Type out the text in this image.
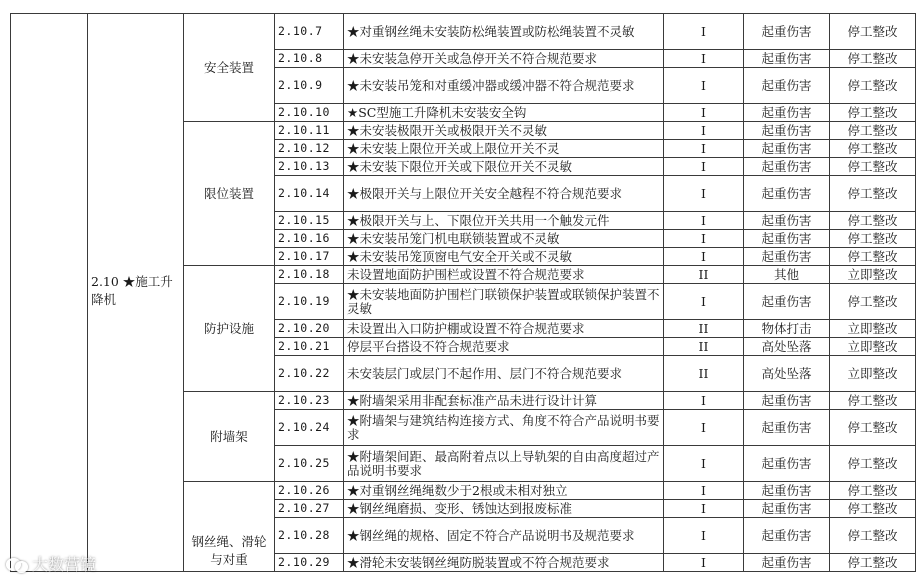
	2.10 ★施工升降机	安全装置	2.10.7	★对重钢丝绳未安装防松绳装置或防松绳装置不灵敏	I	起重伤害	停工整改
			2.10.8	★未安装急停开关或急停开关不符合规范要求	I	起重伤害	停工整改
			2.10.9	★未安装吊笼和对重缓冲器或缓冲器不符合规范要求	I	起重伤害	停工整改
			2.10.10	★SC型施工升降机未安装安全钩	I	起重伤害	停工整改
		限位装置	2.10.11	★未安装极限开关或极限开关不灵敏	I	起重伤害	停工整改
			2.10.12	★未安装上限位开关或上限位开关不灵	I	起重伤害	停工整改
			2.10.13	★未安装下限位开关或下限位开关不灵敏	I	起重伤害	停工整改
			2.10.14	★极限开关与上限位开关安全越程不符合规范要求	I	起重伤害	停工整改
			2.10.15	★极限开关与上、下限位开关共用一个触发元件	I	起重伤害	停工整改
			2.10.16	★未安装吊笼门机电联锁装置或不灵敏	I	起重伤害	停工整改
			2.10.17	★未安装吊笼顶窗电气安全开关或不灵敏	I	起重伤害	停工整改
		防护设施	2.10.18	未设置地面防护围栏或设置不符合规范要求	II	其他	立即整改
			2.10.19	★未安装地面防护围栏门联锁保护装置或联锁保护装置不灵敏	I	起重伤害	停工整改
			2.10.20	未设置出入口防护棚或设置不符合规范要求	II	物体打击	立即整改
			2.10.21	停层平台搭设不符合规范要求	II	高处坠落	立即整改
			2.10.22	未安装层门或层门不起作用、层门不符合规范要求	II	高处坠落	立即整改
		附墙架	2.10.23	★附墙架采用非配套标准产品未进行设计计算	I	起重伤害	停工整改
			2.10.24	★附墙架与建筑结构连接方式、角度不符合产品说明书要求	I	起重伤害	停工整改
			2.10.25	★附墙架间距、最高附着点以上导轨架的自由高度超过产品说明书要求	I	起重伤害	停工整改
		钢丝绳、滑轮与对重	2.10.26	★对重钢丝绳绳数少于2根或未相对独立	I	起重伤害	停工整改
			2.10.27	★钢丝绳磨损、变形、锈蚀达到报废标准	I	起重伤害	停工整改
			2.10.28	★钢丝绳的规格、固定不符合产品说明书及规范要求	I	起重伤害	停工整改
			2.10.29	★滑轮未安装钢丝绳防脱装置或不符合规范要求	I	起重伤害	停工整改
大数营镜
